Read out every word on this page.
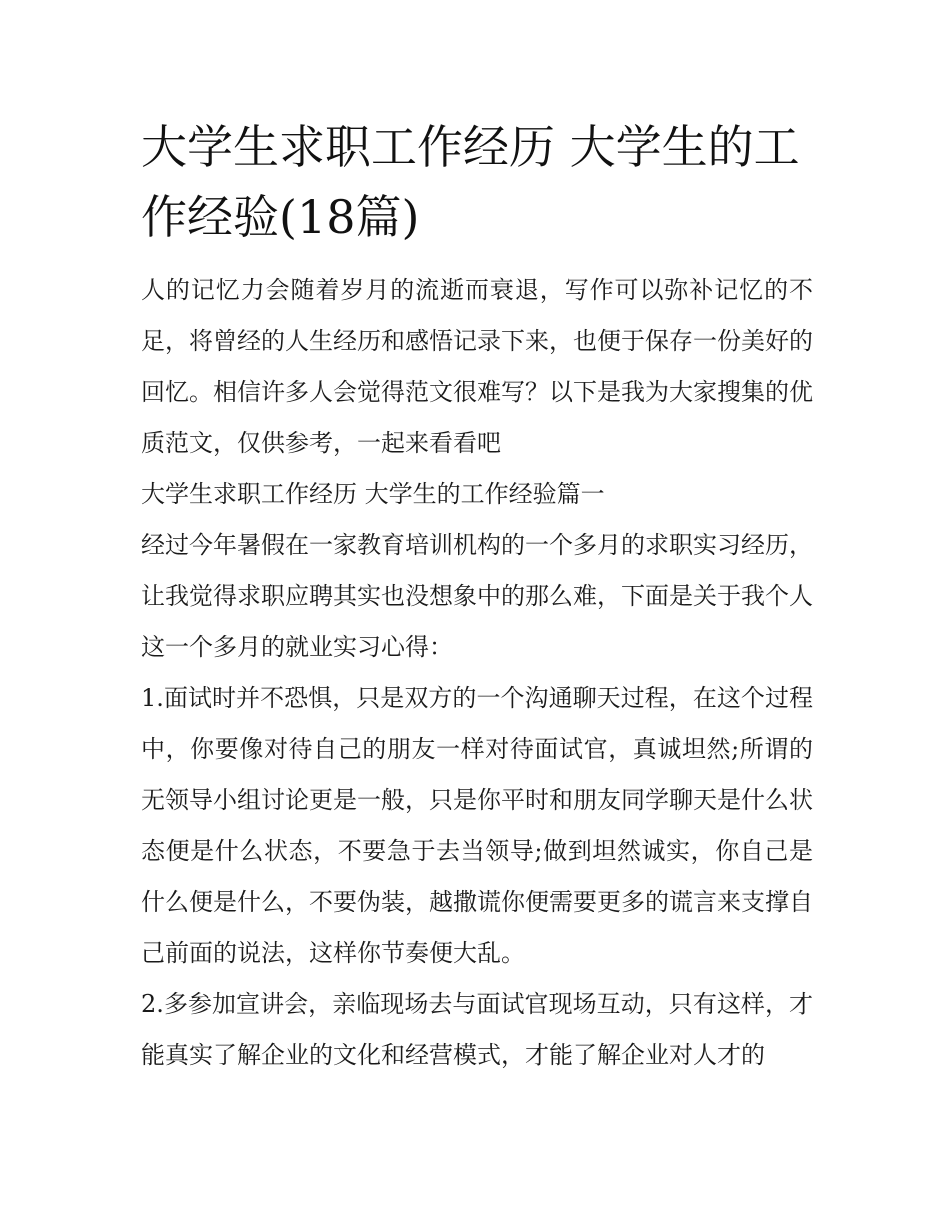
大学生求职工作经历 大学生的工作经验(18篇)

人的记忆力会随着岁月的流逝而衰退，写作可以弥补记忆的不足，将曾经的人生经历和感悟记录下来，也便于保存一份美好的回忆。相信许多人会觉得范文很难写？以下是我为大家搜集的优质范文，仅供参考，一起来看看吧

大学生求职工作经历 大学生的工作经验篇一

经过今年暑假在一家教育培训机构的一个多月的求职实习经历，让我觉得求职应聘其实也没想象中的那么难，下面是关于我个人这一个多月的就业实习心得：

1.面试时并不恐惧，只是双方的一个沟通聊天过程，在这个过程中，你要像对待自己的朋友一样对待面试官，真诚坦然;所谓的无领导小组讨论更是一般，只是你平时和朋友同学聊天是什么状态便是什么状态，不要急于去当领导;做到坦然诚实，你自己是什么便是什么，不要伪装，越撒谎你便需要更多的谎言来支撑自己前面的说法，这样你节奏便大乱。

2.多参加宣讲会，亲临现场去与面试官现场互动，只有这样，才能真实了解企业的文化和经营模式，才能了解企业对人才的
